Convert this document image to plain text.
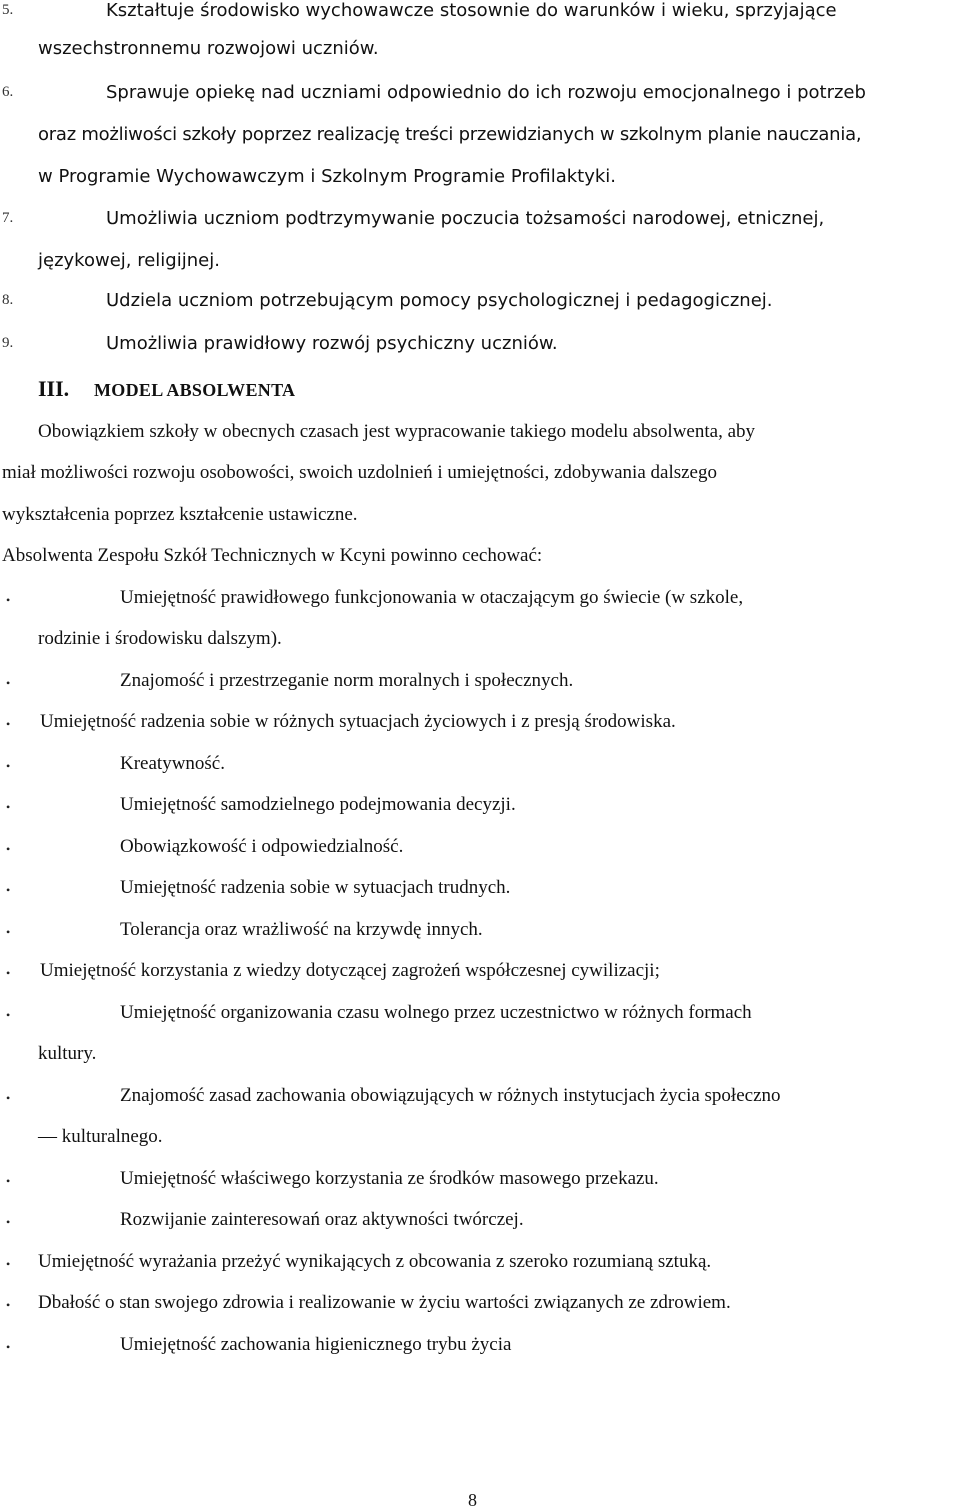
5.	Kształtuje środowisko wychowawcze stosownie do warunków i wieku, sprzyjające
wszechstronnemu rozwojowi uczniów.
6.	Sprawuje opiekę nad uczniami odpowiednio do ich rozwoju emocjonalnego i potrzeb
oraz możliwości szkoły poprzez realizację treści przewidzianych w szkolnym planie nauczania,
w Programie Wychowawczym i Szkolnym Programie Profilaktyki.
7.	Umożliwia uczniom podtrzymywanie poczucia tożsamości narodowej, etnicznej,
językowej, religijnej.
8.	Udziela uczniom potrzebującym pomocy psychologicznej i pedagogicznej.
9.	Umożliwia prawidłowy rozwój psychiczny uczniów.
III. MODEL ABSOLWENTA
Obowiązkiem szkoły w obecnych czasach jest wypracowanie takiego modelu absolwenta, aby
miał możliwości rozwoju osobowości, swoich uzdolnień i umiejętności, zdobywania dalszego
wykształcenia poprzez kształcenie ustawiczne.
Absolwenta Zespołu Szkół Technicznych w Kcyni powinno cechować:
•	Umiejętność prawidłowego funkcjonowania w otaczającym go świecie (w szkole,
rodzinie i środowisku dalszym).
•	Znajomość i przestrzeganie norm moralnych i społecznych.
• Umiejętność radzenia sobie w różnych sytuacjach życiowych i z presją środowiska.
•	Kreatywność.
•	Umiejętność samodzielnego podejmowania decyzji.
•	Obowiązkowość i odpowiedzialność.
•	Umiejętność radzenia sobie w sytuacjach trudnych.
•	Tolerancja oraz wrażliwość na krzywdę innych.
• Umiejętność korzystania z wiedzy dotyczącej zagrożeń współczesnej cywilizacji;
•	Umiejętność organizowania czasu wolnego przez uczestnictwo w różnych formach
kultury.
•	Znajomość zasad zachowania obowiązujących w różnych instytucjach życia społeczno
— kulturalnego.
•	Umiejętność właściwego korzystania ze środków masowego przekazu.
•	Rozwijanie zainteresowań oraz aktywności twórczej.
• Umiejętność wyrażania przeżyć wynikających z obcowania z szeroko rozumianą sztuką.
• Dbałość o stan swojego zdrowia i realizowanie w życiu wartości związanych ze zdrowiem.
•	Umiejętność zachowania higienicznego trybu życia
8
